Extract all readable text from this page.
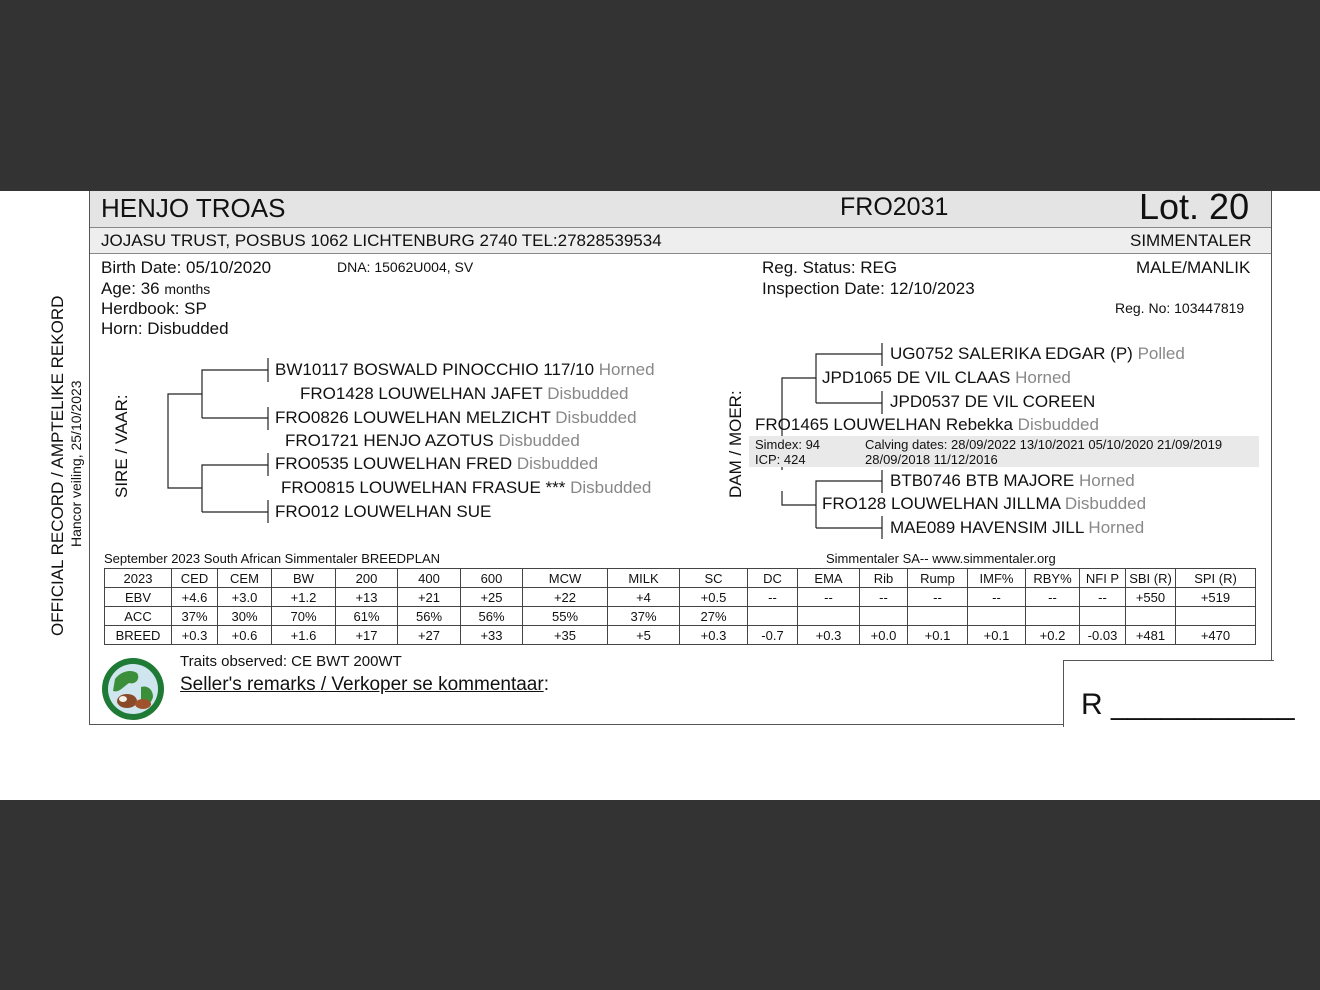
HENJO TROAS	FRO2031	Lot. 20
JOJASU TRUST, POSBUS 1062 LICHTENBURG 2740 TEL:27828539534	SIMMENTALER
Birth Date: 05/10/2020	DNA: 15062U004, SV
Age: 36 months
Herdbook: SP
Horn: Disbudded
Reg. Status: REG
Inspection Date: 12/10/2023
MALE/MANLIK
Reg. No: 103447819
OFFICIAL RECORD / AMPTELIKE REKORD Hancor veiling, 25/10/2023 SIRE / VAAR:	DAM / MOER:
BW10117 BOSWALD PINOCCHIO 117/10 Horned
FRO1428 LOUWELHAN JAFET Disbudded
FRO0826 LOUWELHAN MELZICHT Disbudded
FRO1721 HENJO AZOTUS Disbudded
FRO0535 LOUWELHAN FRED Disbudded
FRO0815 LOUWELHAN FRASUE *** Disbudded
FRO012 LOUWELHAN SUE
UG0752 SALERIKA EDGAR (P) Polled
JPD1065 DE VIL CLAAS Horned
JPD0537 DE VIL COREEN
FRO1465 LOUWELHAN Rebekka Disbudded
Simdex: 94
ICP: 424
Calving dates: 28/09/2022 13/10/2021 05/10/2020 21/09/2019
28/09/2018 11/12/2016
BTB0746 BTB MAJORE Horned
FRO128 LOUWELHAN JILLMA Disbudded
MAE089 HAVENSIM JILL Horned
September 2023 South African Simmentaler BREEDPLAN	Simmentaler SA-- www.simmentaler.org
2023	CED	CEM	BW	200	400	600	MCW	MILK	SC	DC	EMA	Rib	Rump	IMF%	RBY%	NFI P	SBI (R)	SPI (R)
EBV	+4.6	+3.0	+1.2	+13	+21	+25	+22	+4	+0.5	--	--	--	--	--	--	--	+550	+519
ACC	37%	30%	70%	61%	56%	56%	55%	37%	27%									
BREED	+0.3	+0.6	+1.6	+17	+27	+33	+35	+5	+0.3	-0.7	+0.3	+0.0	+0.1	+0.1	+0.2	-0.03	+481	+470
Traits observed: CE BWT 200WT
Seller's remarks / Verkoper se kommentaar:
R ___________
